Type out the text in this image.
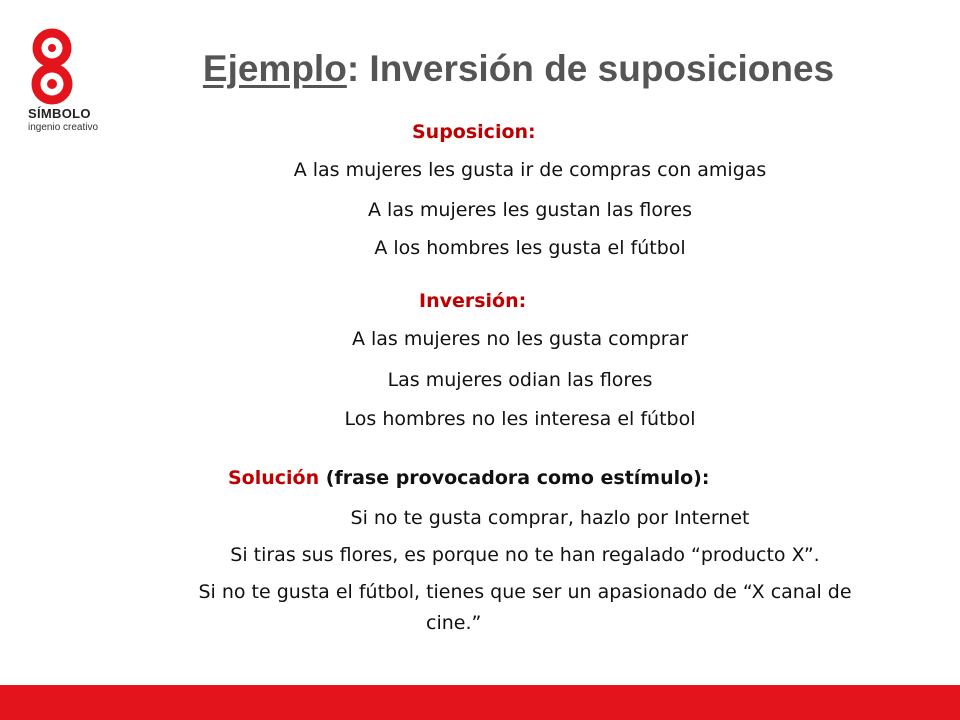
SÍMBOLO
ingenio creativo
Ejemplo: Inversión de suposiciones
Suposicion:
A las mujeres les gusta ir de compras con amigas
A las mujeres les gustan las flores
A los hombres les gusta el fútbol
Inversión:
A las mujeres no les gusta comprar
Las mujeres odian las flores
Los hombres no les interesa el fútbol
Solución (frase provocadora como estímulo):
Si no te gusta comprar, hazlo por Internet
Si tiras sus flores, es porque no te han regalado “producto X”.
Si no te gusta el fútbol, tienes que ser un apasionado de “X canal de
cine.”
